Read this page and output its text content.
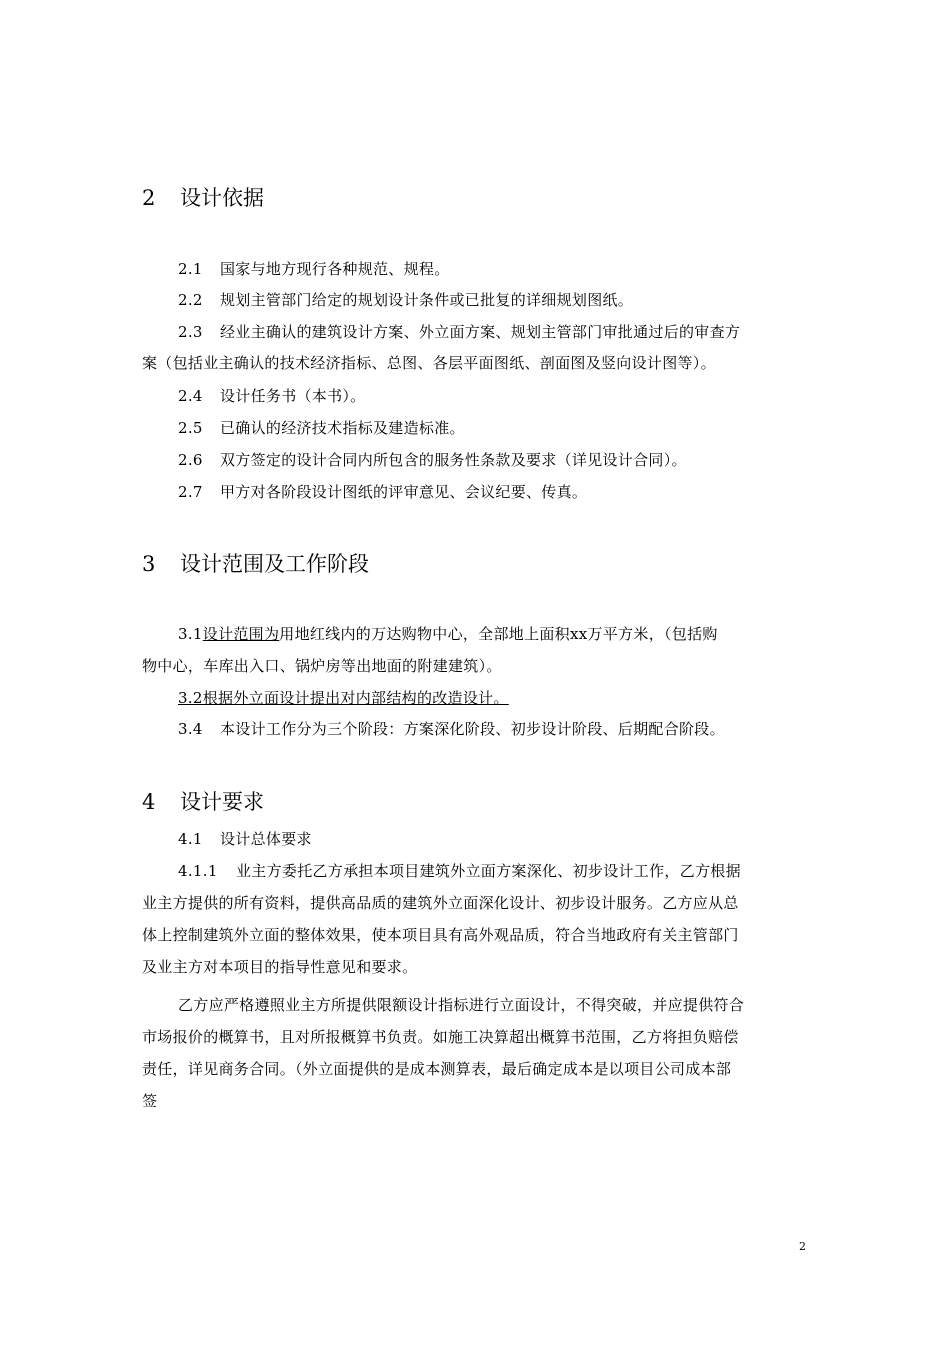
2 设计依据
2.1 国家与地方现行各种规范、规程。
2.2 规划主管部门给定的规划设计条件或已批复的详细规划图纸。
2.3 经业主确认的建筑设计方案、外立面方案、规划主管部门审批通过后的审查方
案（包括业主确认的技术经济指标、总图、各层平面图纸、剖面图及竖向设计图等）。
2.4 设计任务书（本书）。
2.5 已确认的经济技术指标及建造标准。
2.6 双方签定的设计合同内所包含的服务性条款及要求（详见设计合同）。
2.7 甲方对各阶段设计图纸的评审意见、会议纪要、传真。
3 设计范围及工作阶段
3.1设计范围为用地红线内的万达购物中心，全部地上面积xx万平方米，（包括购
物中心，车库出入口、锅炉房等出地面的附建建筑）。
3.2根据外立面设计提出对内部结构的改造设计。
3.4 本设计工作分为三个阶段：方案深化阶段、初步设计阶段、后期配合阶段。
4 设计要求
4.1 设计总体要求
4.1.1 业主方委托乙方承担本项目建筑外立面方案深化、初步设计工作，乙方根据
业主方提供的所有资料，提供高品质的建筑外立面深化设计、初步设计服务。乙方应从总
体上控制建筑外立面的整体效果，使本项目具有高外观品质，符合当地政府有关主管部门
及业主方对本项目的指导性意见和要求。
乙方应严格遵照业主方所提供限额设计指标进行立面设计，不得突破，并应提供符合
市场报价的概算书，且对所报概算书负责。如施工决算超出概算书范围，乙方将担负赔偿
责任，详见商务合同。（外立面提供的是成本测算表，最后确定成本是以项目公司成本部
签
2
